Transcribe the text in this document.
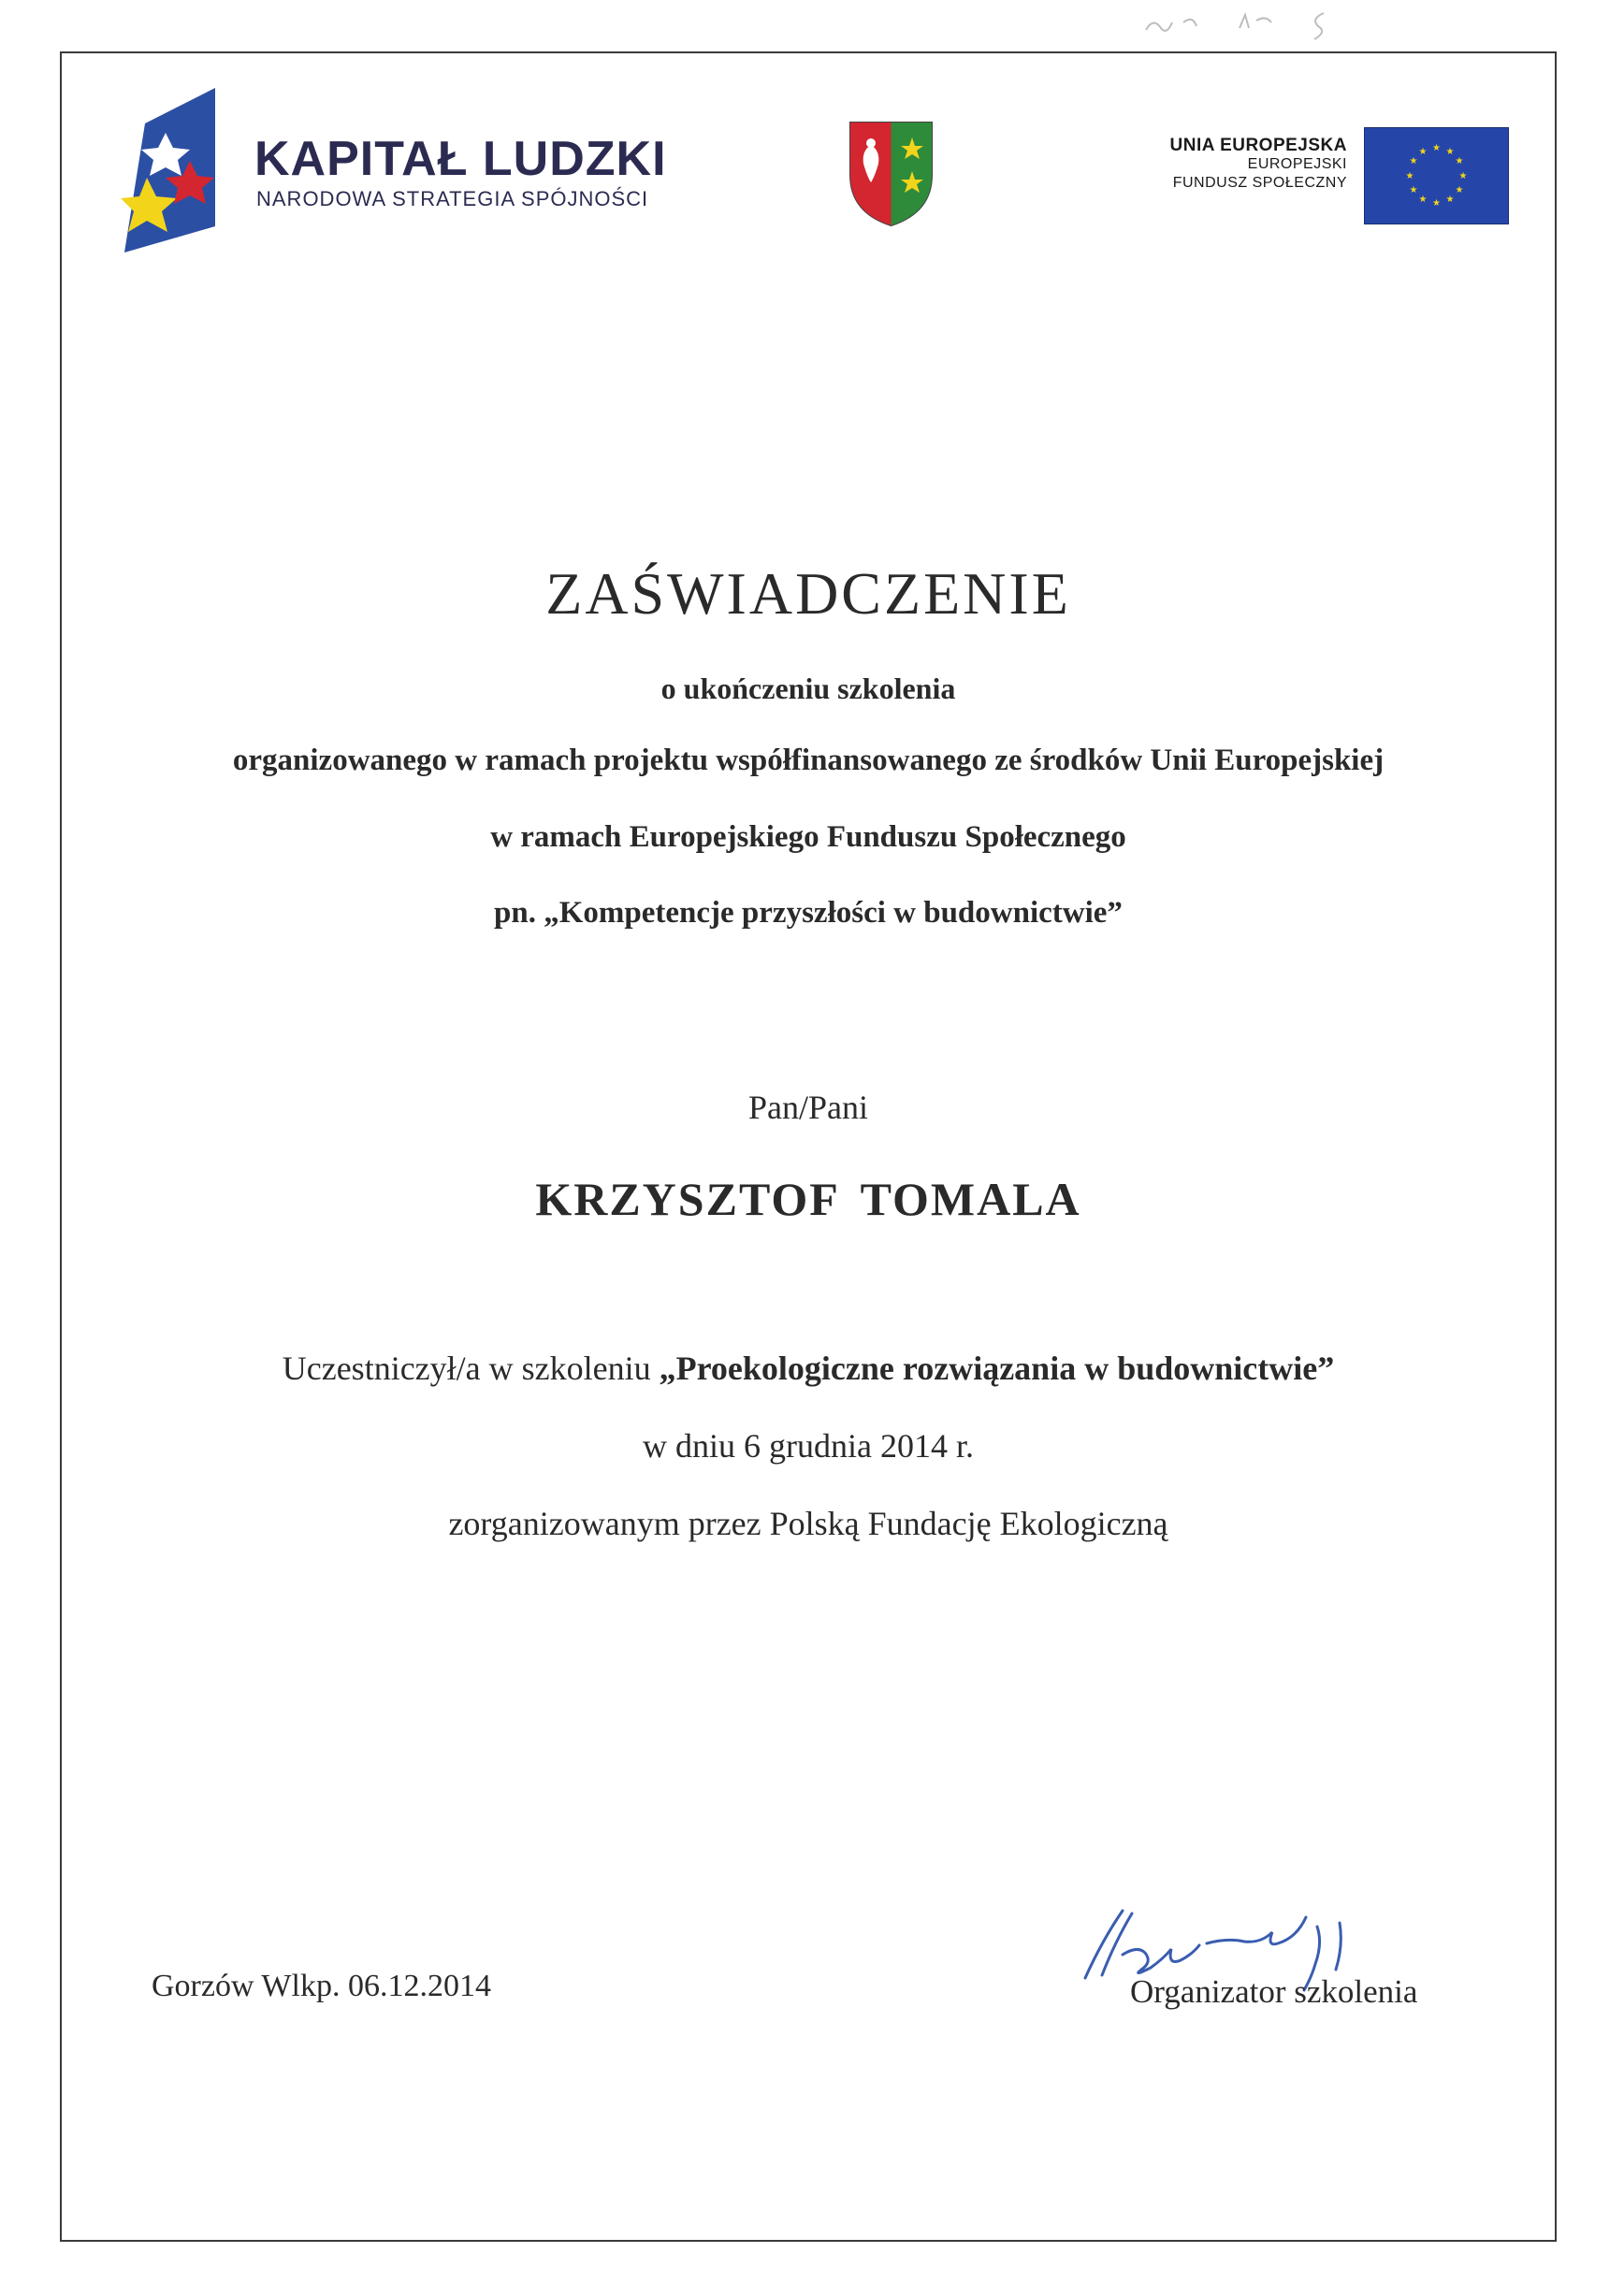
KAPITAŁ LUDZKI
NARODOWA STRATEGIA SPÓJNOŚCI
UNIA EUROPEJSKA
EUROPEJSKI
FUNDUSZ SPOŁECZNY
★ ★
★
★
★
★
★
★
★
★
★
★
ZAŚWIADCZENIE
o ukończeniu szkolenia
organizowanego w ramach projektu współfinansowanego ze środków Unii Europejskiej
w ramach Europejskiego Funduszu Społecznego
pn. „Kompetencje przyszłości w budownictwie”
Pan/Pani
KRZYSZTOF TOMALA
Uczestniczył/a w szkoleniu „Proekologiczne rozwiązania w budownictwie”
w dniu 6 grudnia 2014 r.
zorganizowanym przez Polską Fundację Ekologiczną
Gorzów Wlkp. 06.12.2014	Organizator szkolenia
